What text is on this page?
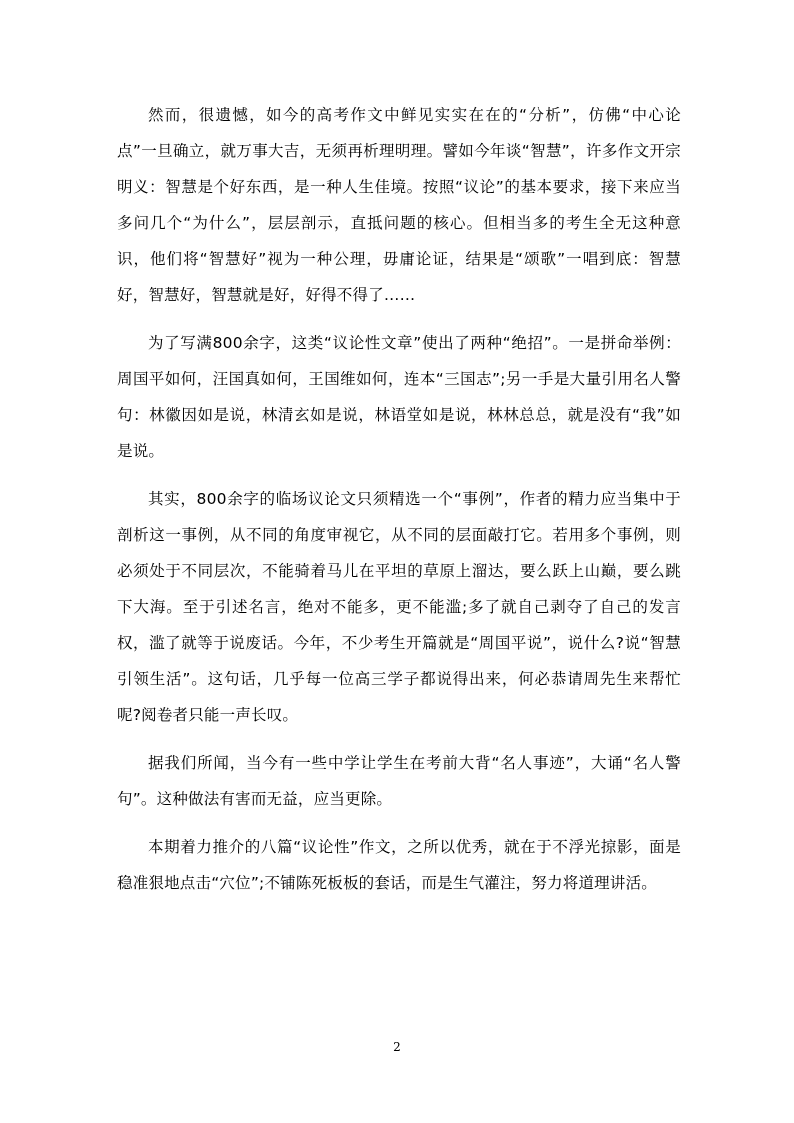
然而，很遗憾，如今的高考作文中鲜见实实在在的“分析”，仿佛“中心论点”一旦确立，就万事大吉，无须再析理明理。譬如今年谈“智慧”，许多作文开宗明义：智慧是个好东西，是一种人生佳境。按照“议论”的基本要求，接下来应当多问几个“为什么”，层层剖示，直抵问题的核心。但相当多的考生全无这种意识，他们将“智慧好”视为一种公理，毋庸论证，结果是“颂歌”一唱到底：智慧好，智慧好，智慧就是好，好得不得了……

为了写满800余字，这类“议论性文章”使出了两种“绝招”。一是拼命举例：周国平如何，汪国真如何，王国维如何，连本“三国志”;另一手是大量引用名人警句：林徽因如是说，林清玄如是说，林语堂如是说，林林总总，就是没有“我”如是说。

其实，800余字的临场议论文只须精选一个“事例”，作者的精力应当集中于剖析这一事例，从不同的角度审视它，从不同的层面敲打它。若用多个事例，则必须处于不同层次，不能骑着马儿在平坦的草原上溜达，要么跃上山巅，要么跳下大海。至于引述名言，绝对不能多，更不能滥;多了就自己剥夺了自己的发言权，滥了就等于说废话。今年，不少考生开篇就是“周国平说”，说什么?说“智慧引领生活”。这句话，几乎每一位高三学子都说得出来，何必恭请周先生来帮忙呢?阅卷者只能一声长叹。

据我们所闻，当今有一些中学让学生在考前大背“名人事迹”，大诵“名人警句”。这种做法有害而无益，应当更除。

本期着力推介的八篇“议论性”作文，之所以优秀，就在于不浮光掠影，面是稳准狠地点击“穴位”;不铺陈死板板的套话，而是生气灌注，努力将道理讲活。

2
